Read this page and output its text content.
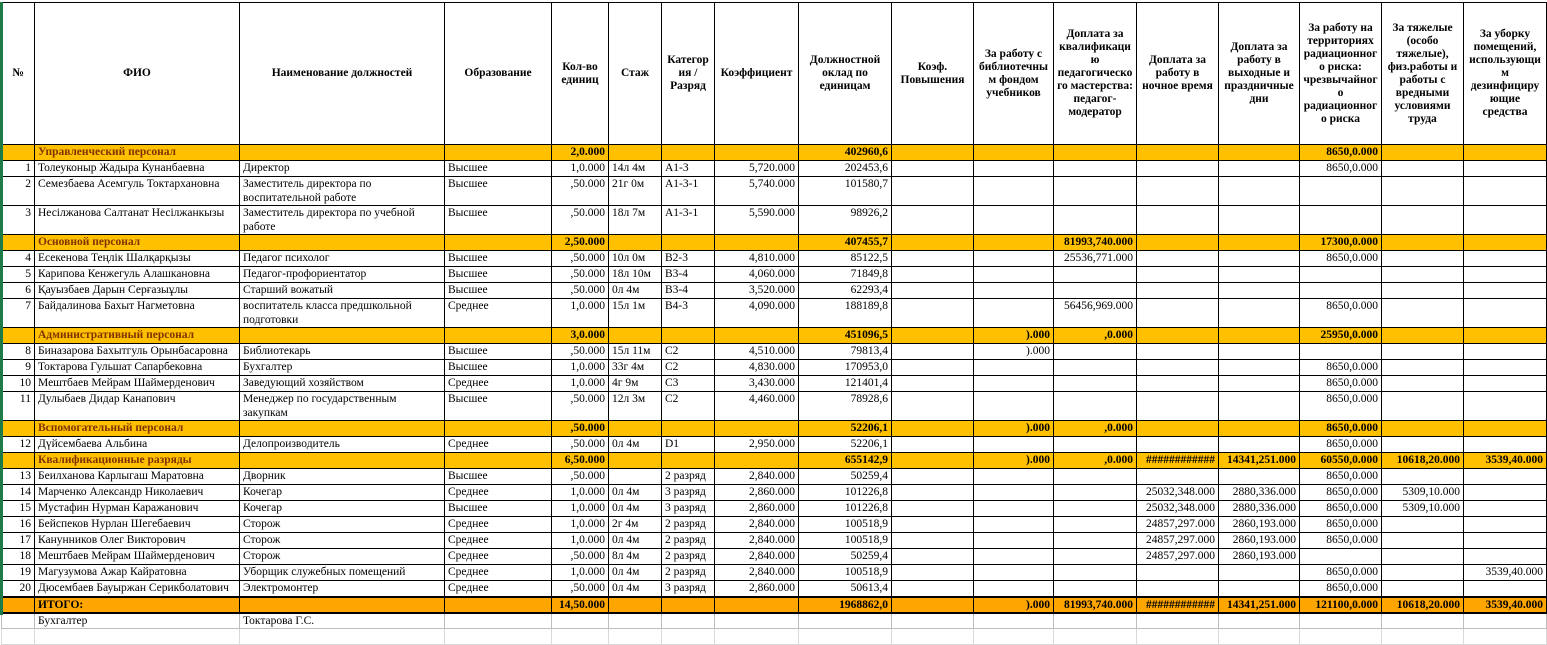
№	ФИО	Наименование должностей	Образование	Кол-во единиц	Стаж	Категория / Разряд	Коэффициент	Должностной оклад по единицам	Коэф. Повышения	За работу с библиотечным фондом учебников	Доплата за квалификацию педагогического мастерства: педагог-модератор	Доплата за работу в ночное время	Доплата за работу в выходные и праздничные дни	За работу на территориях радиационного риска: чрезвычайного радиационного риска	За тяжелые (особо тяжелые), физ.работы и работы с вредными условиями труда	За уборку помещений, использующим дезинфицирующие средства
	Управленческий персонал			2,0.000				402960,6						8650,0.000		
1	Толеуконыр Жадыра Кунанбаевна	Директор	Высшее	1,0.000	14л 4м	A1-3	5,720.000	202453,6						8650,0.000		
2	Семезбаева Асемгуль Токтархановна	Заместитель директора по воспитательной работе	Высшее	,50.000	21г 0м	A1-3-1	5,740.000	101580,7								
3	Несілжанова Салтанат Несілжанкызы	Заместитель директора по учебной работе	Высшее	,50.000	18л 7м	A1-3-1	5,590.000	98926,2								
	Основной персонал			2,50.000				407455,7			81993,740.000			17300,0.000		
4	Есекенова Теңлік Шалқарқызы	Педагог психолог	Высшее	,50.000	10л 0м	B2-3	4,810.000	85122,5			25536,771.000			8650,0.000		
5	Карипова Кенжегуль Алашкановна	Педагог-профориентатор	Высшее	,50.000	18л 10м	B3-4	4,060.000	71849,8								
6	Қауызбаев Дарын Серғазыұлы	Старший вожатый	Высшее	,50.000	0л 4м	B3-4	3,520.000	62293,4								
7	Байдалинова Бахыт Нагметовна	воспитатель класса предшкольной подготовки	Среднее	1,0.000	15л 1м	B4-3	4,090.000	188189,8			56456,969.000			8650,0.000		
	Административный персонал			3,0.000				451096,5		).000	,0.000			25950,0.000		
8	Биназарова Бахытгуль Орынбасаровна	Библиотекарь	Высшее	,50.000	15л 11м	C2	4,510.000	79813,4		).000						
9	Токтарова Гульшат Сапарбековна	Бухгалтер	Высшее	1,0.000	33г 4м	C2	4,830.000	170953,0						8650,0.000		
10	Мештбаев Мейрам Шаймерденович	Заведующий хозяйством	Среднее	1,0.000	4г 9м	C3	3,430.000	121401,4						8650,0.000		
11	Дулыбаев Дидар Канапович	Менеджер по государственным закупкам	Высшее	,50.000	12л 3м	C2	4,460.000	78928,6						8650,0.000		
	Вспомогательный персонал			,50.000				52206,1		).000	,0.000			8650,0.000		
12	Дүйсембаева Альбина	Делопроизводитель	Среднее	,50.000	0л 4м	D1	2,950.000	52206,1						8650,0.000		
	Квалификационные разряды			6,50.000				655142,9		).000	,0.000	############	14341,251.000	60550,0.000	10618,20.000	3539,40.000
13	Беилханова Карлыгаш Маратовна	Дворник	Высшее	,50.000		2 разряд	2,840.000	50259,4						8650,0.000		
14	Марченко Александр Николаевич	Кочегар	Среднее	1,0.000	0л 4м	3 разряд	2,860.000	101226,8				25032,348.000	2880,336.000	8650,0.000	5309,10.000	
15	Мустафин Нурман Каражанович	Кочегар	Высшее	1,0.000	0л 4м	3 разряд	2,860.000	101226,8				25032,348.000	2880,336.000	8650,0.000	5309,10.000	
16	Бейспеков Нурлан Шегебаевич	Сторож	Среднее	1,0.000	2г 4м	2 разряд	2,840.000	100518,9				24857,297.000	2860,193.000	8650,0.000		
17	Канунников Олег Викторович	Сторож	Среднее	1,0.000	0л 4м	2 разряд	2,840.000	100518,9				24857,297.000	2860,193.000	8650,0.000		
18	Мештбаев Мейрам Шаймерденович	Сторож	Среднее	,50.000	8л 4м	2 разряд	2,840.000	50259,4				24857,297.000	2860,193.000			
19	Магузумова Ажар Кайратовна	Уборщик служебных помещений	Среднее	1,0.000	0л 4м	2 разряд	2,840.000	100518,9						8650,0.000		3539,40.000
20	Дюсембаев Бауыржан Серикболатович	Электромонтер	Среднее	,50.000	0л 4м	3 разряд	2,860.000	50613,4						8650,0.000		
	ИТОГО:			14,50.000				1968862,0		).000	81993,740.000	############	14341,251.000	121100,0.000	10618,20.000	3539,40.000
	Бухгалтер	Токтарова Г.С.														
